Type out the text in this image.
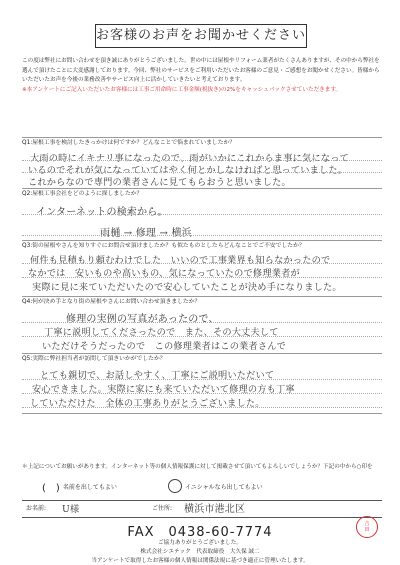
お客様のお声をお聞かせください
この度は弊社にお問い合わせを頂き誠にありがとうございました。世の中には屋根やリフォーム業者がたくさんありますが、その中から弊社を選んで頂けたことに大変感謝しております。今回、弊社のサービスをご利用いただいたお客様のご意見・ご感想をお聞かせください。皆様からいただいたお声を今後の業務改善やサービス向上に活かしていきたいと考えております。
※本アンケートにご記入いただいたお客様には工事ご用命時に工事金額(税抜き)の2%をキャッシュバックさせていただきます。
Q1:屋根工事を検討したきっかけは何ですか？どんなことで悩まれていましたか？
大雨の時にイキナリ事になったので、雨がいかにこれからま事に気になって
いるのでそれが気になっていてはやく何とかしなければと思っていました。
これからなので専門の業者さんに見てもらおうと思いました。
Q2:屋根工事会社をどのように探しましたか？
インターネットの検索から。
雨樋 → 修理 → 横浜
Q3:街の屋根やさんを知りすぐにお問合せ頂けましたか？も似たものとしたらどんなことでご不安でしたか？
何件も見積もり頼むわけでした　いいので工事業界も知らなかったので
なかでは　安いものや高いもの、気になっていたので修理業者が
実際に見に来ていただいたので安心していたことが決め手になりました。
Q4:何が決め手となり街の屋根やさんにお問い合わせ頂きましたか？
修理の実例の写真があったので、
丁寧に説明してくださったので　また、その大丈夫して
いただけそうだったので　この修理業者はこの業者さんで
Q5:実際に弊社担当者が訪問して頂きいかがでしたか？
とても親切で、お話しやすく、丁寧にご説明いただいて
安心できました。実際に家にも来ていただいて修理の方も丁寧
していただけた　全体の工事ありがとうございました。
＊上記についてお願いがあります。インターネット等の個人情報保護に対して掲載させて頂いてもよろしいでしょうか？下記の中から○印を
(　) 名前を出してもよい	イニシャルなら出してもよい
お名前: U様	ご住所: 横浜市港北区
FAX　0438-60-7774
ご協力ありがとうございました。
株式会社シエテック　代表取締役　大久保 誠二
当アンケートで取得したお客様の個人情報は関係法規に基づき適正に管理いたします。
吉
田
